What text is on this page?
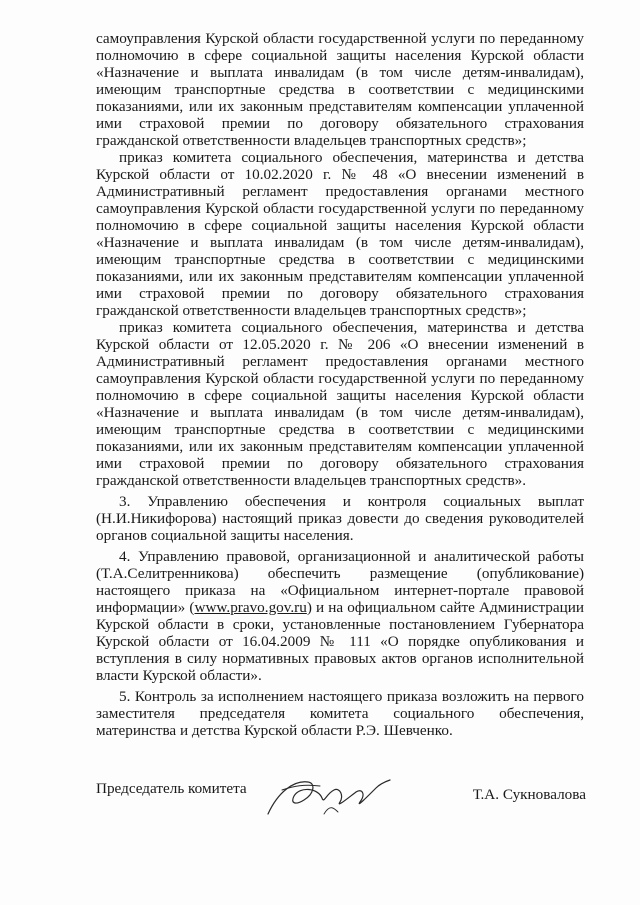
самоуправления Курской области государственной услуги по переданному полномочию в сфере социальной защиты населения Курской области «Назначение и выплата инвалидам (в том числе детям-инвалидам), имеющим транспортные средства в соответствии с медицинскими показаниями, или их законным представителям компенсации уплаченной ими страховой премии по договору обязательного страхования гражданской ответственности владельцев транспортных средств»;

приказ комитета социального обеспечения, материнства и детства Курской области от 10.02.2020 г. № 48 «О внесении изменений в Административный регламент предоставления органами местного самоуправления Курской области государственной услуги по переданному полномочию в сфере социальной защиты населения Курской области «Назначение и выплата инвалидам (в том числе детям-инвалидам), имеющим транспортные средства в соответствии с медицинскими показаниями, или их законным представителям компенсации уплаченной ими страховой премии по договору обязательного страхования гражданской ответственности владельцев транспортных средств»;

приказ комитета социального обеспечения, материнства и детства Курской области от 12.05.2020 г. № 206 «О внесении изменений в Административный регламент предоставления органами местного самоуправления Курской области государственной услуги по переданному полномочию в сфере социальной защиты населения Курской области «Назначение и выплата инвалидам (в том числе детям-инвалидам), имеющим транспортные средства в соответствии с медицинскими показаниями, или их законным представителям компенсации уплаченной ими страховой премии по договору обязательного страхования гражданской ответственности владельцев транспортных средств».

3. Управлению обеспечения и контроля социальных выплат (Н.И.Никифорова) настоящий приказ довести до сведения руководителей органов социальной защиты населения.

4. Управлению правовой, организационной и аналитической работы (Т.А.Селитренникова) обеспечить размещение (опубликование) настоящего приказа на «Официальном интернет-портале правовой информации» (www.pravo.gov.ru) и на официальном сайте Администрации Курской области в сроки, установленные постановлением Губернатора Курской области от 16.04.2009 № 111 «О порядке опубликования и вступления в силу нормативных правовых актов органов исполнительной власти Курской области».

5. Контроль за исполнением настоящего приказа возложить на первого заместителя председателя комитета социального обеспечения, материнства и детства Курской области Р.Э. Шевченко.

Председатель комитета	Т.А. Сукновалова
